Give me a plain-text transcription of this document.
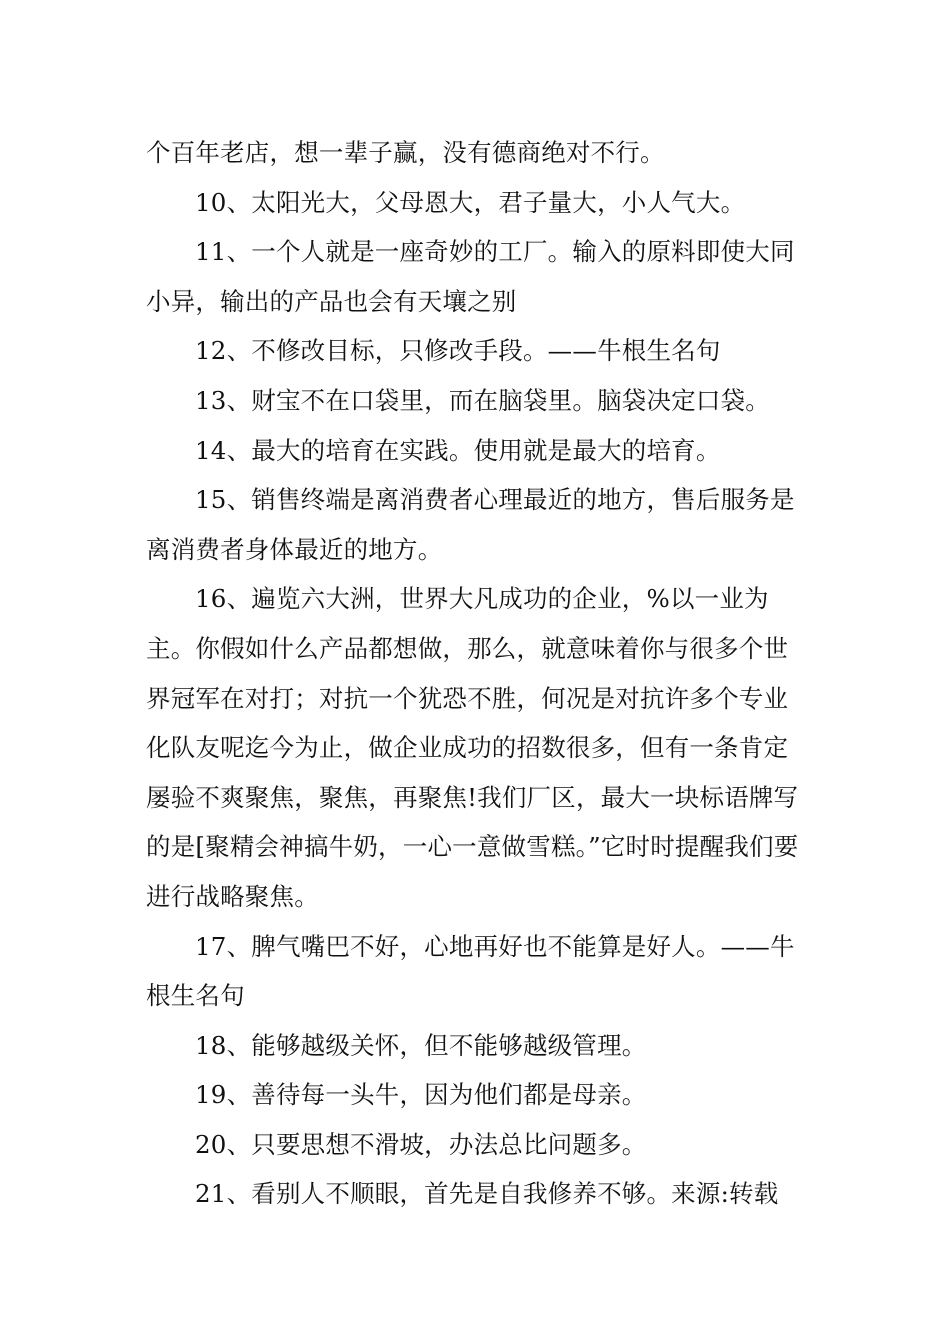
个百年老店，想一辈子赢，没有德商绝对不行。

10、太阳光大，父母恩大，君子量大，小人气大。

11、一个人就是一座奇妙的工厂。输入的原料即使大同小异，输出的产品也会有天壤之别

12、不修改目标，只修改手段。——牛根生名句

13、财宝不在口袋里，而在脑袋里。脑袋决定口袋。

14、最大的培育在实践。使用就是最大的培育。

15、销售终端是离消费者心理最近的地方，售后服务是离消费者身体最近的地方。

16、遍览六大洲，世界大凡成功的企业，%以一业为主。你假如什么产品都想做，那么，就意味着你与很多个世界冠军在对打；对抗一个犹恐不胜，何况是对抗许多个专业化队友呢迄今为止，做企业成功的招数很多，但有一条肯定屡验不爽聚焦，聚焦，再聚焦!我们厂区，最大一块标语牌写的是[聚精会神搞牛奶，一心一意做雪糕。”它时时提醒我们要进行战略聚焦。

17、脾气嘴巴不好，心地再好也不能算是好人。——牛根生名句

18、能够越级关怀，但不能够越级管理。

19、善待每一头牛，因为他们都是母亲。

20、只要思想不滑坡，办法总比问题多。

21、看别人不顺眼，首先是自我修养不够。来源:转载
